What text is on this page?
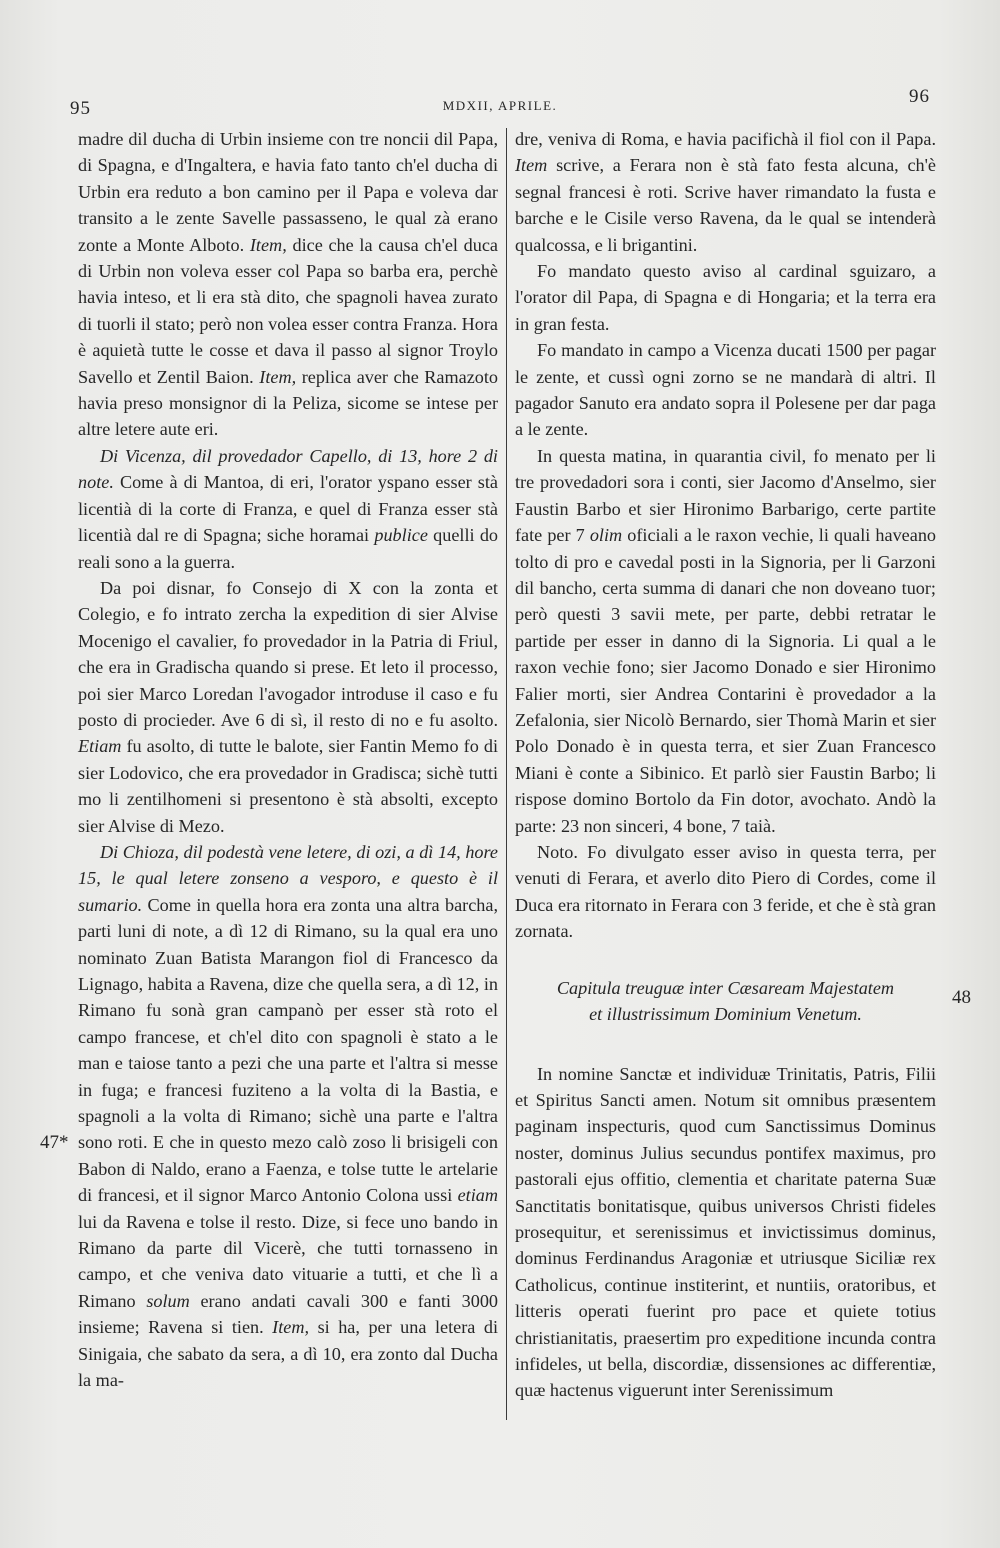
95	MDXII, APRILE.	96
47*
48

madre dil ducha di Urbin insieme con tre noncii dil Papa, di Spagna, e d'Ingaltera, e havia fato tanto ch'el ducha di Urbin era reduto a bon camino per il Papa e voleva dar transito a le zente Savelle passasseno, le qual zà erano zonte a Monte Alboto. Item, dice che la causa ch'el duca di Urbin non voleva esser col Papa so barba era, perchè havia inteso, et li era stà dito, che spagnoli havea zurato di tuorli il stato; però non volea esser contra Franza. Hora è aquietà tutte le cosse et dava il passo al signor Troylo Savello et Zentil Baion. Item, replica aver che Ramazoto havia preso monsignor di la Peliza, sicome se intese per altre letere aute eri.

Di Vicenza, dil provedador Capello, di 13, hore 2 di note. Come à di Mantoa, di eri, l'orator yspano esser stà licentià di la corte di Franza, e quel di Franza esser stà licentià dal re di Spagna; siche horamai publice quelli do reali sono a la guerra.

Da poi disnar, fo Consejo di X con la zonta et Colegio, e fo intrato zercha la expedition di sier Alvise Mocenigo el cavalier, fo provedador in la Patria di Friul, che era in Gradischa quando si prese. Et leto il processo, poi sier Marco Loredan l'avogador introduse il caso e fu posto di procieder. Ave 6 di sì, il resto di no e fu asolto. Etiam fu asolto, di tutte le balote, sier Fantin Memo fo di sier Lodovico, che era provedador in Gradisca; sichè tutti mo li zentilhomeni si presentono è stà absolti, excepto sier Alvise di Mezo.

Di Chioza, dil podestà vene letere, di ozi, a dì 14, hore 15, le qual letere zonseno a vesporo, e questo è il sumario. Come in quella hora era zonta una altra barcha, parti luni di note, a dì 12 di Rimano, su la qual era uno nominato Zuan Batista Marangon fiol di Francesco da Lignago, habita a Ravena, dize che quella sera, a dì 12, in Rimano fu sonà gran campanò per esser stà roto el campo francese, et ch'el dito con spagnoli è stato a le man e taiose tanto a pezi che una parte et l'altra si messe in fuga; e francesi fuziteno a la volta di la Bastia, e spagnoli a la volta di Rimano; sichè una parte e l'altra sono roti. E che in questo mezo calò zoso li brisigeli con Babon di Naldo, erano a Faenza, e tolse tutte le artelarie di francesi, et il signor Marco Antonio Colona ussi etiam lui da Ravena e tolse il resto. Dize, si fece uno bando in Rimano da parte dil Vicerè, che tutti tornasseno in campo, et che veniva dato vituarie a tutti, et che lì a Rimano solum erano andati cavali 300 e fanti 3000 insieme; Ravena si tien. Item, si ha, per una letera di Sinigaia, che sabato da sera, a dì 10, era zonto dal Ducha la ma-

dre, veniva di Roma, e havia pacifichà il fiol con il Papa. Item scrive, a Ferara non è stà fato festa alcuna, ch'è segnal francesi è roti. Scrive haver rimandato la fusta e barche e le Cisile verso Ravena, da le qual se intenderà qualcossa, e li brigantini.

Fo mandato questo aviso al cardinal sguizaro, a l'orator dil Papa, di Spagna e di Hongaria; et la terra era in gran festa.

Fo mandato in campo a Vicenza ducati 1500 per pagar le zente, et cussì ogni zorno se ne mandarà di altri. Il pagador Sanuto era andato sopra il Polesene per dar paga a le zente.

In questa matina, in quarantia civil, fo menato per li tre provedadori sora i conti, sier Jacomo d'Anselmo, sier Faustin Barbo et sier Hironimo Barbarigo, certe partite fate per 7 olim oficiali a le raxon vechie, li quali haveano tolto di pro e cavedal posti in la Signoria, per li Garzoni dil bancho, certa summa di danari che non doveano tuor; però questi 3 savii mete, per parte, debbi retratar le partide per esser in danno di la Signoria. Li qual a le raxon vechie fono; sier Jacomo Donado e sier Hironimo Falier morti, sier Andrea Contarini è provedador a la Zefalonia, sier Nicolò Bernardo, sier Thomà Marin et sier Polo Donado è in questa terra, et sier Zuan Francesco Miani è conte a Sibinico. Et parlò sier Faustin Barbo; li rispose domino Bortolo da Fin dotor, avochato. Andò la parte: 23 non sinceri, 4 bone, 7 taià.

Noto. Fo divulgato esser aviso in questa terra, per venuti di Ferara, et averlo dito Piero di Cordes, come il Duca era ritornato in Ferara con 3 feride, et che è stà gran zornata.

Capitula treuguæ inter Cæsaream Majestatem
et illustrissimum Dominium Venetum.

In nomine Sanctæ et individuæ Trinitatis, Patris, Filii et Spiritus Sancti amen. Notum sit omnibus præsentem paginam inspecturis, quod cum Sanctissimus Dominus noster, dominus Julius secundus pontifex maximus, pro pastorali ejus offitio, clementia et charitate paterna Suæ Sanctitatis bonitatisque, quibus universos Christi fideles prosequitur, et serenissimus et invictissimus dominus, dominus Ferdinandus Aragoniæ et utriusque Siciliæ rex Catholicus, continue institerint, et nuntiis, oratoribus, et litteris operati fuerint pro pace et quiete totius christianitatis, praesertim pro expeditione incunda contra infideles, ut bella, discordiæ, dissensiones ac differentiæ, quæ hactenus viguerunt inter Serenissimum
